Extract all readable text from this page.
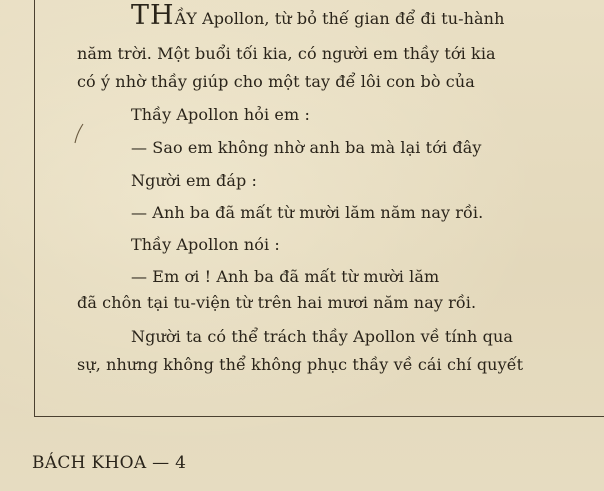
THẦY Apollon, từ bỏ thế gian để đi tu-hành
năm trời. Một buổi tối kia, có người em thầy tới kia
có ý nhờ thầy giúp cho một tay để lôi con bò của
Thầy Apollon hỏi em :
— Sao em không nhờ anh ba mà lại tới đây
Người em đáp :
— Anh ba đã mất từ mười lăm năm nay rồi.
Thầy Apollon nói :
— Em ơi ! Anh ba đã mất từ mười lăm
đã chôn tại tu-viện từ trên hai mươi năm nay rồi.
Người ta có thể trách thầy Apollon về tính qua
sự, nhưng không thể không phục thầy về cái chí quyết
BÁCH KHOA — 4
